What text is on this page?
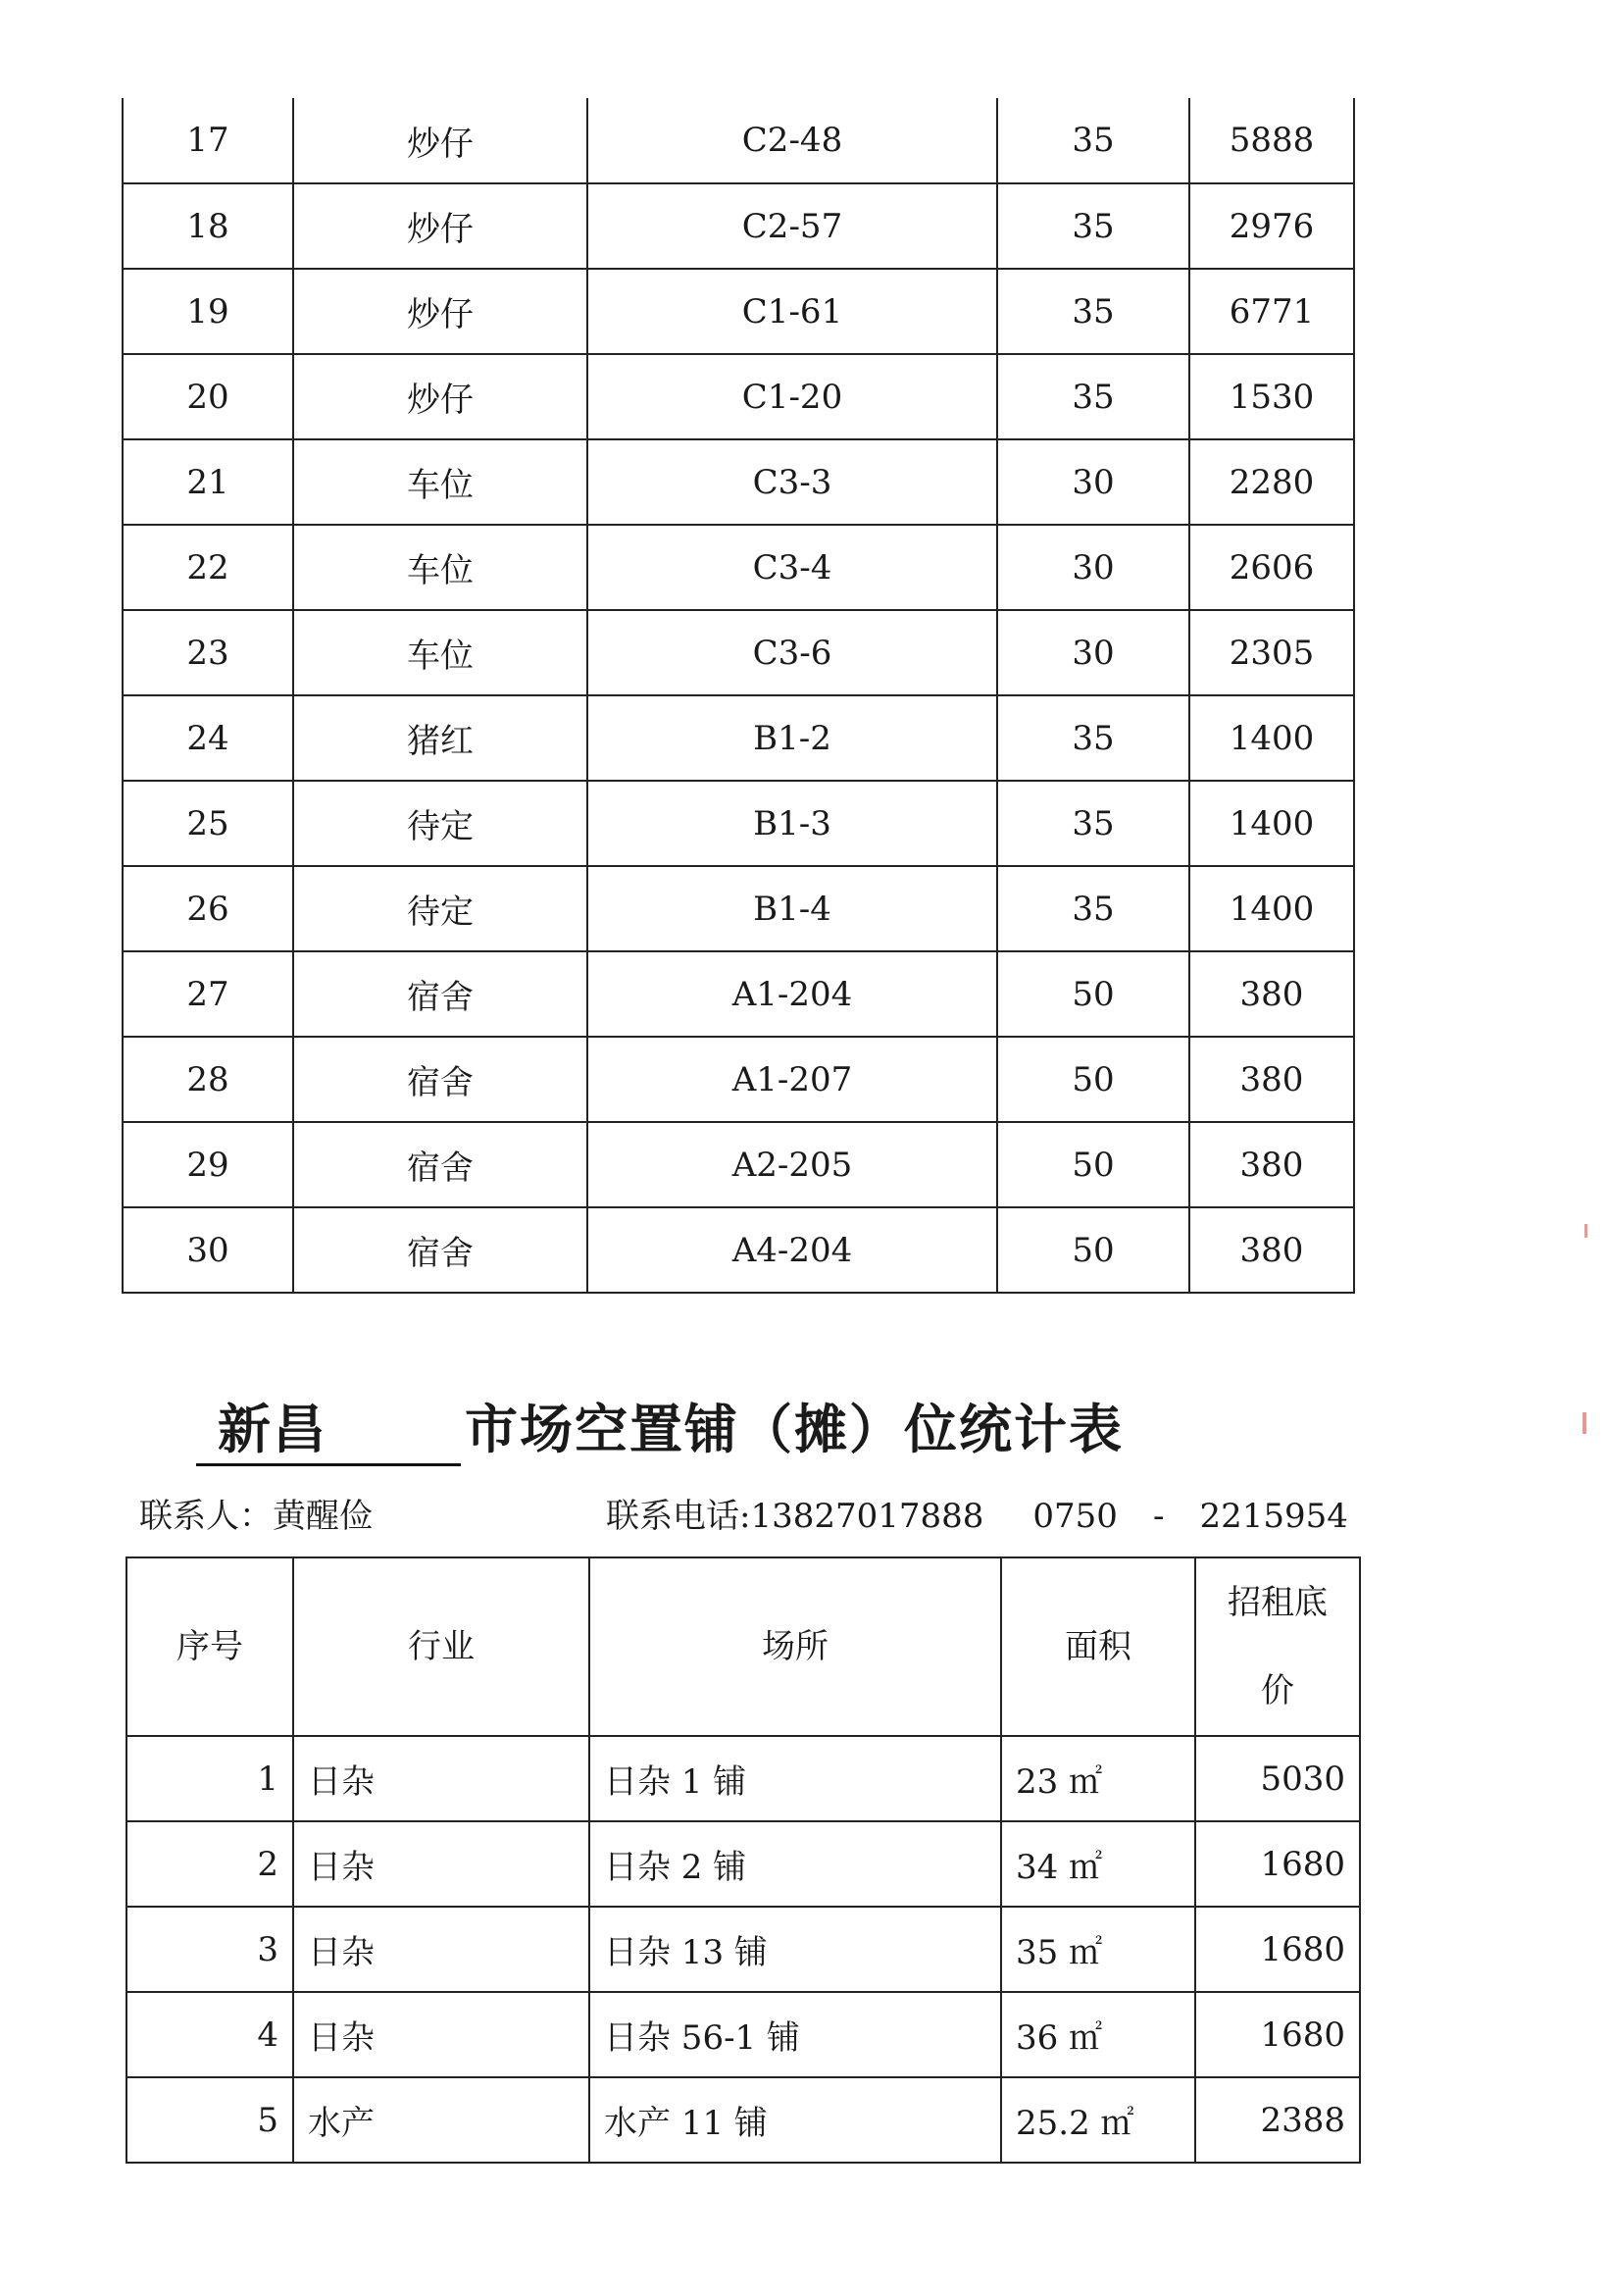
17	炒仔	C2-48	35	5888
18	炒仔	C2-57	35	2976
19	炒仔	C1-61	35	6771
20	炒仔	C1-20	35	1530
21	车位	C3-3	30	2280
22	车位	C3-4	30	2606
23	车位	C3-6	30	2305
24	猪红	B1-2	35	1400
25	待定	B1-3	35	1400
26	待定	B1-4	35	1400
27	宿舍	A1-204	50	380
28	宿舍	A1-207	50	380
29	宿舍	A2-205	50	380
30	宿舍	A4-204	50	380
新昌	市场空置铺（摊）位统计表
联系人：黄醒俭	联系电话:13827017888 0750 - 2215954
序号	行业	场所	面积	招租底
价

1	日杂	日杂 1 铺	23 ㎡	5030
2	日杂	日杂 2 铺	34 ㎡	1680
3	日杂	日杂 13 铺	35 ㎡	1680
4	日杂	日杂 56-1 铺	36 ㎡	1680
5	水产	水产 11 铺	25.2 ㎡	2388
